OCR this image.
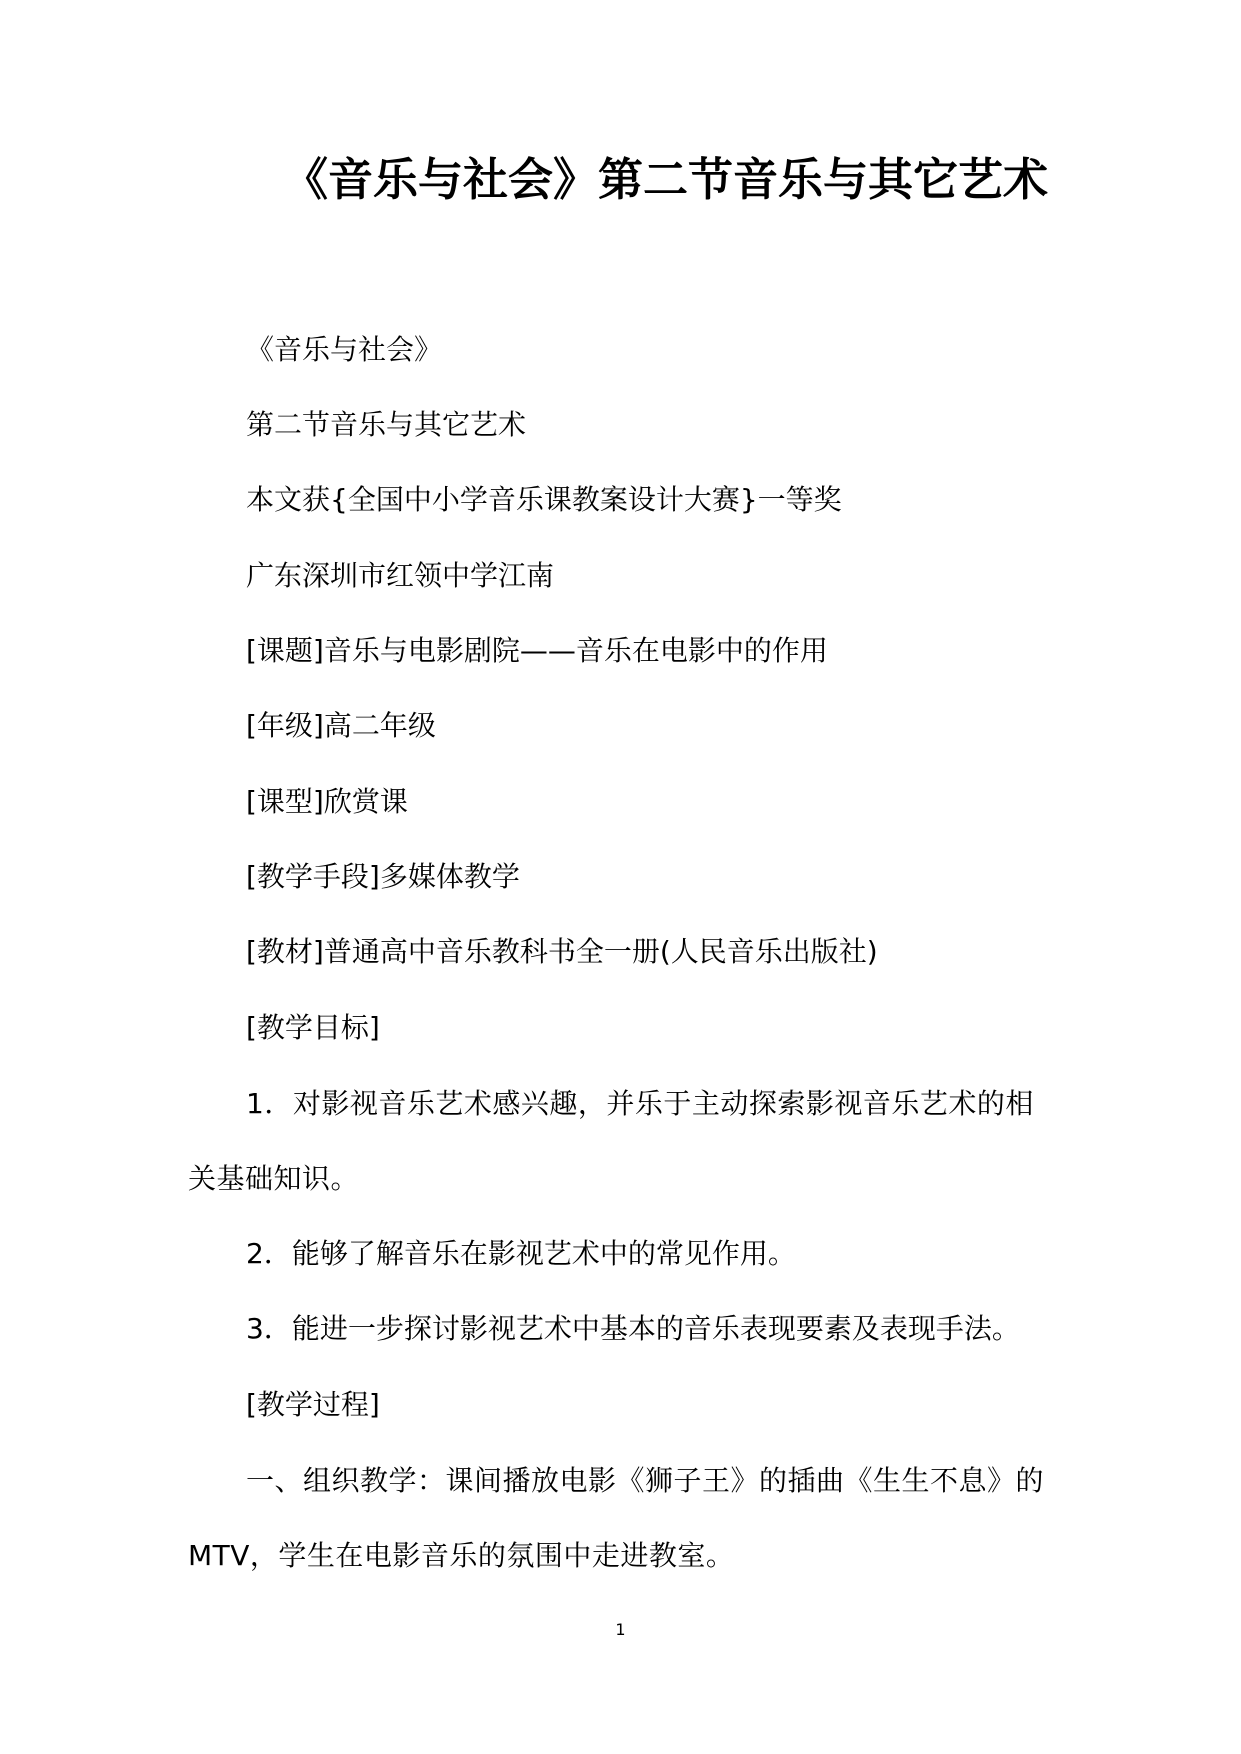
《音乐与社会》第二节音乐与其它艺术
《音乐与社会》
第二节音乐与其它艺术
本文获{全国中小学音乐课教案设计大赛}一等奖
广东深圳市红领中学江南
[课题]音乐与电影剧院——音乐在电影中的作用
[年级]高二年级
[课型]欣赏课
[教学手段]多媒体教学
[教材]普通高中音乐教科书全一册(人民音乐出版社)
[教学目标]
1．对影视音乐艺术感兴趣，并乐于主动探索影视音乐艺术的相关基础知识。
2．能够了解音乐在影视艺术中的常见作用。
3．能进一步探讨影视艺术中基本的音乐表现要素及表现手法。
[教学过程]
一、组织教学：课间播放电影《狮子王》的插曲《生生不息》的 MTV，学生在电影音乐的氛围中走进教室。
1
